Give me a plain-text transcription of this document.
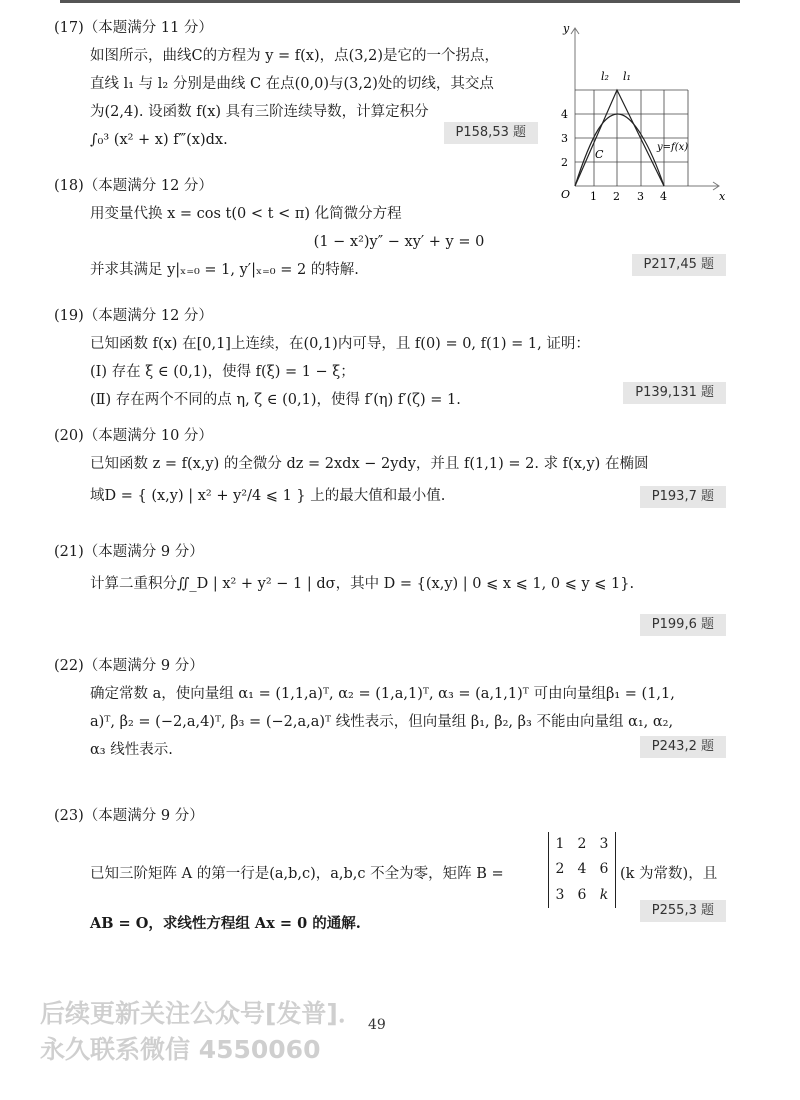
(17)（本题满分 11 分）
如图所示，曲线C的方程为 y = f(x)，点(3,2)是它的一个拐点，
直线 l₁ 与 l₂ 分别是曲线 C 在点(0,0)与(3,2)处的切线，其交点
为(2,4). 设函数 f(x) 具有三阶连续导数，计算定积分
∫₀³ (x² + x) f‴(x)dx.	P158,53 题
y
x
O 1 2 3 4
2
3
4
l₂ l₁
C
y=f(x)
(18)（本题满分 12 分）
用变量代换 x = cos t(0 < t < π) 化简微分方程
(1 − x²)y″ − xy′ + y = 0
并求其满足 y|ₓ₌₀ = 1, y′|ₓ₌₀ = 2 的特解.	P217,45 题
(19)（本题满分 12 分）
已知函数 f(x) 在[0,1]上连续，在(0,1)内可导，且 f(0) = 0, f(1) = 1, 证明：
(Ⅰ) 存在 ξ ∈ (0,1)，使得 f(ξ) = 1 − ξ；
(Ⅱ) 存在两个不同的点 η, ζ ∈ (0,1)，使得 f′(η) f′(ζ) = 1.	P139,131 题
(20)（本题满分 10 分）
已知函数 z = f(x,y) 的全微分 dz = 2xdx − 2ydy，并且 f(1,1) = 2. 求 f(x,y) 在椭圆
域D = { (x,y) | x² + y²/4 ⩽ 1 } 上的最大值和最小值.	P193,7 题
(21)（本题满分 9 分）
计算二重积分∬_D | x² + y² − 1 | dσ，其中 D = {(x,y) | 0 ⩽ x ⩽ 1, 0 ⩽ y ⩽ 1}.
P199,6 题
(22)（本题满分 9 分）
确定常数 a，使向量组 α₁ = (1,1,a)ᵀ, α₂ = (1,a,1)ᵀ, α₃ = (a,1,1)ᵀ 可由向量组β₁ = (1,1,
a)ᵀ, β₂ = (−2,a,4)ᵀ, β₃ = (−2,a,a)ᵀ 线性表示，但向量组 β₁, β₂, β₃ 不能由向量组 α₁, α₂,
α₃ 线性表示.	P243,2 题
(23)（本题满分 9 分）
已知三阶矩阵 A 的第一行是(a,b,c)，a,b,c 不全为零，矩阵 B =
1 2 3
2 4 6
3 6 k
(k 为常数)，且
AB = O，求线性方程组 Ax = 0 的通解.
P255,3 题
后续更新关注公众号[发普]．
永久联系微信 4550060
49
